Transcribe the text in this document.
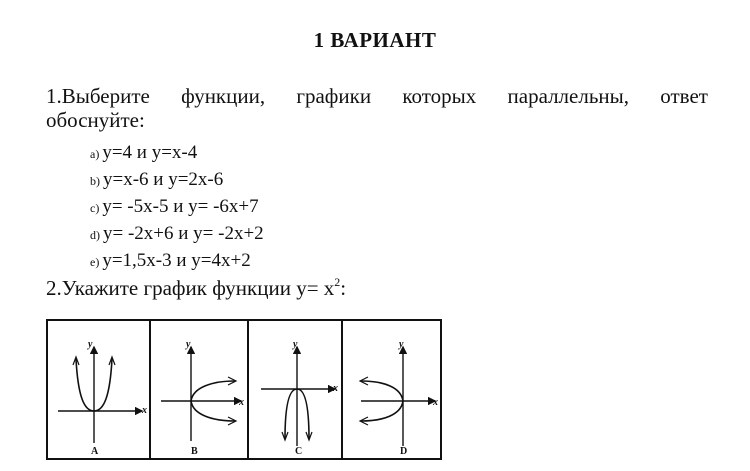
1 ВАРИАНТ
1.Выберите функции, графики которых параллельны, ответ
обоснуйте:
a) y=4 и y=x-4
b) y=x-6 и y=2x-6
c) y= -5x-5 и y= -6x+7
d) y= -2x+6 и y= -2x+2
e) y=1,5x-3 и y=4x+2
2.Укажите график функции $y= x^2$:
y
x
A
y
x
B
y
x
C
y
x
D
